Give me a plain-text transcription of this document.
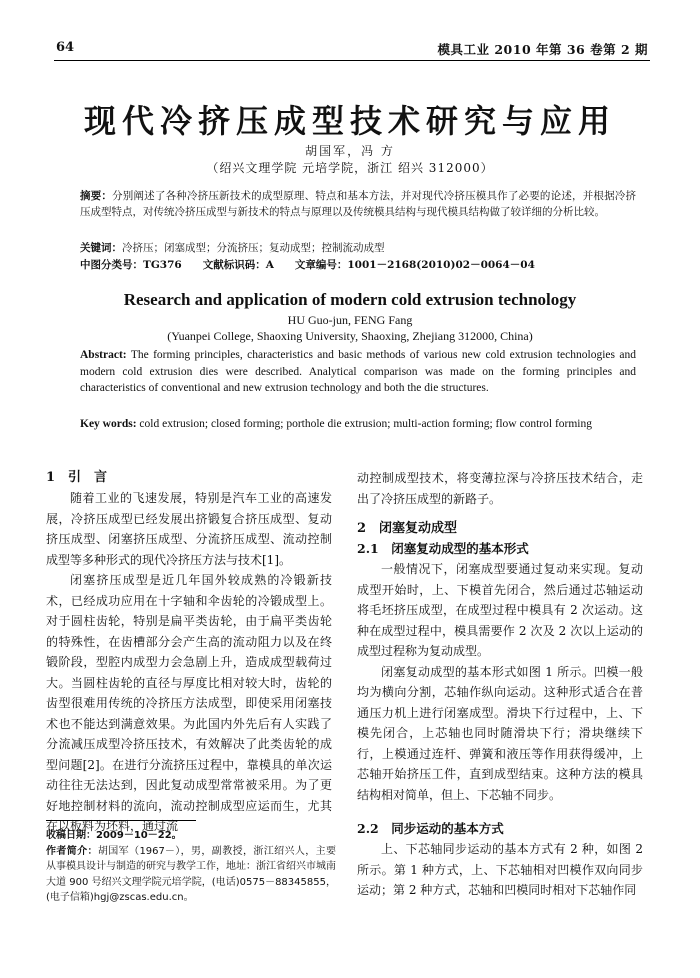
64	模具工业 2010 年第 36 卷第 2 期
现代冷挤压成型技术研究与应用
胡国军，冯 方
（绍兴文理学院 元培学院，浙江 绍兴 312000）
摘要：分别阐述了各种冷挤压新技术的成型原理、特点和基本方法，并对现代冷挤压模具作了必要的论述，并根据冷挤压成型特点，对传统冷挤压成型与新技术的特点与原理以及传统模具结构与现代模具结构做了较详细的分析比较。
关键词：冷挤压；闭塞成型；分流挤压；复动成型；控制流动成型
中图分类号：TG376　　文献标识码：A　　文章编号：1001－2168(2010)02－0064－04
Research and application of modern cold extrusion technology
HU Guo-jun, FENG Fang
(Yuanpei College, Shaoxing University, Shaoxing, Zhejiang 312000, China)
Abstract: The forming principles, characteristics and basic methods of various new cold extrusion technologies and modern cold extrusion dies were described. Analytical comparison was made on the forming principles and characteristics of conventional and new extrusion technology and both the die structures.
Key words: cold extrusion; closed forming; porthole die extrusion; multi-action forming; flow control forming
1　引　言

随着工业的飞速发展，特别是汽车工业的高速发展，冷挤压成型已经发展出挤锻复合挤压成型、复动挤压成型、闭塞挤压成型、分流挤压成型、流动控制成型等多种形式的现代冷挤压方法与技术[1]。

闭塞挤压成型是近几年国外较成熟的冷锻新技术，已经成功应用在十字轴和伞齿轮的冷锻成型上。对于圆柱齿轮，特别是扁平类齿轮，由于扁平类齿轮的特殊性，在齿槽部分会产生高的流动阻力以及在终锻阶段，型腔内成型力会急剧上升，造成成型载荷过大。当圆柱齿轮的直径与厚度比相对较大时，齿轮的齿型很难用传统的冷挤压方法成型，即使采用闭塞技术也不能达到满意效果。为此国内外先后有人实践了分流减压成型冷挤压技术，有效解决了此类齿轮的成型问题[2]。在进行分流挤压过程中，靠模具的单次运动往往无法达到，因此复动成型常常被采用。为了更好地控制材料的流向，流动控制成型应运而生，尤其在以板料为坯料，通过流

动控制成型技术，将变薄拉深与冷挤压技术结合，走出了冷挤压成型的新路子。

2　闭塞复动成型
2.1　闭塞复动成型的基本形式

一般情况下，闭塞成型要通过复动来实现。复动成型开始时，上、下模首先闭合，然后通过芯轴运动将毛坯挤压成型，在成型过程中模具有 2 次运动。这种在成型过程中，模具需要作 2 次及 2 次以上运动的成型过程称为复动成型。

闭塞复动成型的基本形式如图 1 所示。凹模一般均为横向分割，芯轴作纵向运动。这种形式适合在普通压力机上进行闭塞成型。滑块下行过程中，上、下模先闭合，上芯轴也同时随滑块下行；滑块继续下行，上模通过连杆、弹簧和液压等作用获得缓冲，上芯轴开始挤压工件，直到成型结束。这种方法的模具结构相对简单，但上、下芯轴不同步。

2.2　同步运动的基本方式

上、下芯轴同步运动的基本方式有 2 种，如图 2 所示。第 1 种方式，上、下芯轴相对凹模作双向同步运动；第 2 种方式，芯轴和凹模同时相对下芯轴作同

收稿日期：2009－10－22。
作者简介：胡国军（1967－），男，副教授，浙江绍兴人，主要从事模具设计与制造的研究与教学工作，地址：浙江省绍兴市城南大道 900 号绍兴文理学院元培学院，(电话)0575－88345855，(电子信箱)hgj@zscas.edu.cn。
